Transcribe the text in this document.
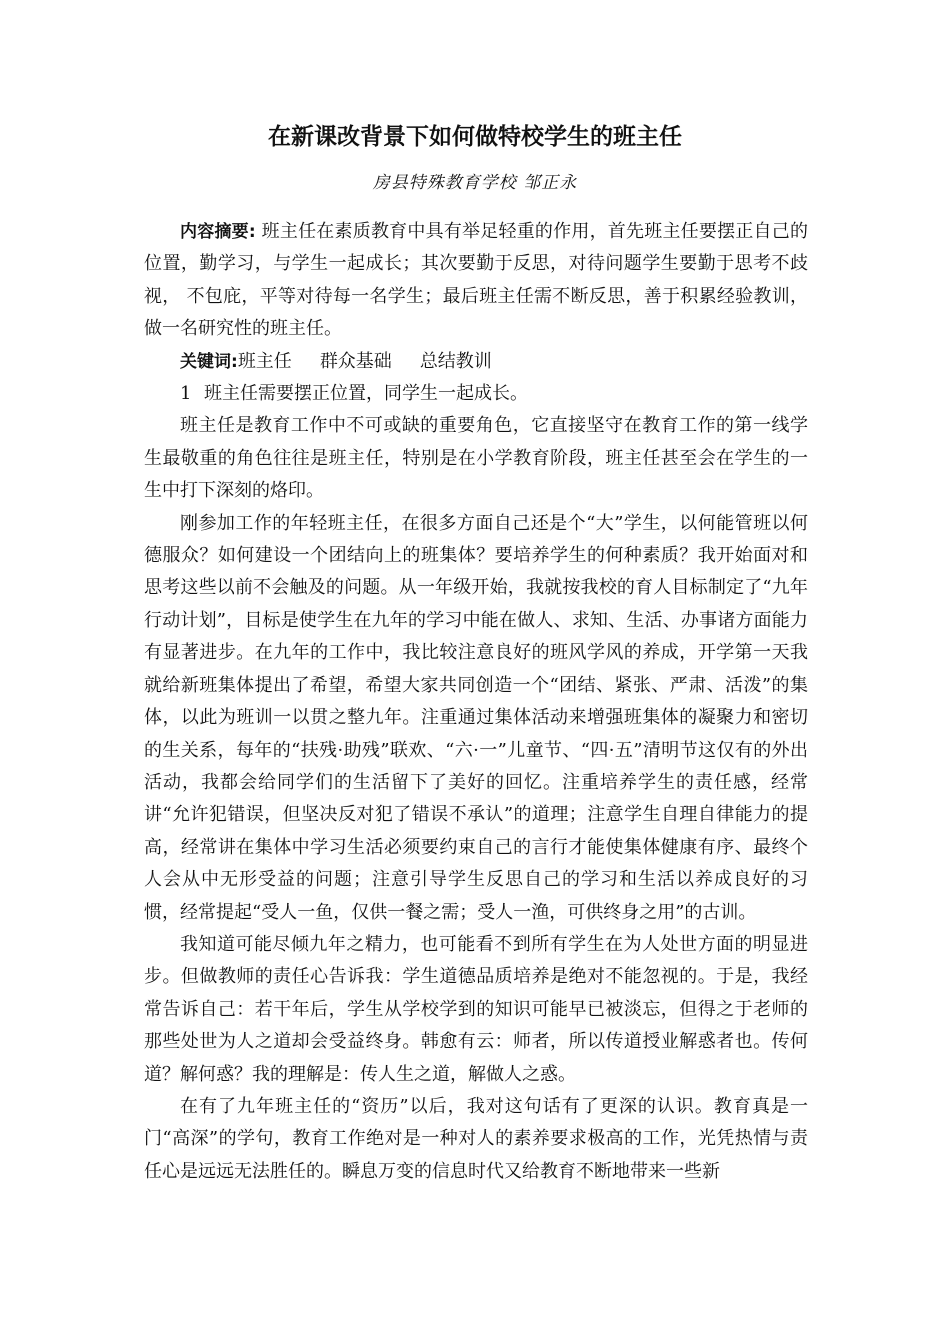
在新课改背景下如何做特校学生的班主任
房县特殊教育学校 邹正永

内容摘要: 班主任在素质教育中具有举足轻重的作用，首先班主任要摆正自己的位置，勤学习，与学生一起成长；其次要勤于反思，对待问题学生要勤于思考不歧视， 不包庇，平等对待每一名学生；最后班主任需不断反思，善于积累经验教训，做一名研究性的班主任。

关键词:班主任 群众基础 总结教训

1 班主任需要摆正位置，同学生一起成长。

班主任是教育工作中不可或缺的重要角色，它直接坚守在教育工作的第一线学生最敬重的角色往往是班主任，特别是在小学教育阶段，班主任甚至会在学生的一生中打下深刻的烙印。

刚参加工作的年轻班主任，在很多方面自己还是个“大”学生，以何能管班以何德服众？如何建设一个团结向上的班集体？要培养学生的何种素质？我开始面对和思考这些以前不会触及的问题。从一年级开始，我就按我校的育人目标制定了“九年行动计划”，目标是使学生在九年的学习中能在做人、求知、生活、办事诸方面能力有显著进步。在九年的工作中，我比较注意良好的班风学风的养成，开学第一天我就给新班集体提出了希望，希望大家共同创造一个“团结、紧张、严肃、活泼”的集体，以此为班训一以贯之整九年。注重通过集体活动来增强班集体的凝聚力和密切的生关系，每年的“扶残·助残”联欢、“六·一”儿童节、“四·五”清明节这仅有的外出活动，我都会给同学们的生活留下了美好的回忆。注重培养学生的责任感，经常讲“允许犯错误，但坚决反对犯了错误不承认”的道理；注意学生自理自律能力的提高，经常讲在集体中学习生活必须要约束自己的言行才能使集体健康有序、最终个人会从中无形受益的问题；注意引导学生反思自己的学习和生活以养成良好的习惯，经常提起“受人一鱼，仅供一餐之需；受人一渔，可供终身之用”的古训。

我知道可能尽倾九年之精力，也可能看不到所有学生在为人处世方面的明显进步。但做教师的责任心告诉我：学生道德品质培养是绝对不能忽视的。于是，我经常告诉自己：若干年后，学生从学校学到的知识可能早已被淡忘，但得之于老师的那些处世为人之道却会受益终身。韩愈有云：师者，所以传道授业解惑者也。传何道？解何惑？我的理解是：传人生之道，解做人之惑。

在有了九年班主任的“资历”以后，我对这句话有了更深的认识。教育真是一门“高深”的学句，教育工作绝对是一种对人的素养要求极高的工作，光凭热情与责任心是远远无法胜任的。瞬息万变的信息时代又给教育不断地带来一些新
